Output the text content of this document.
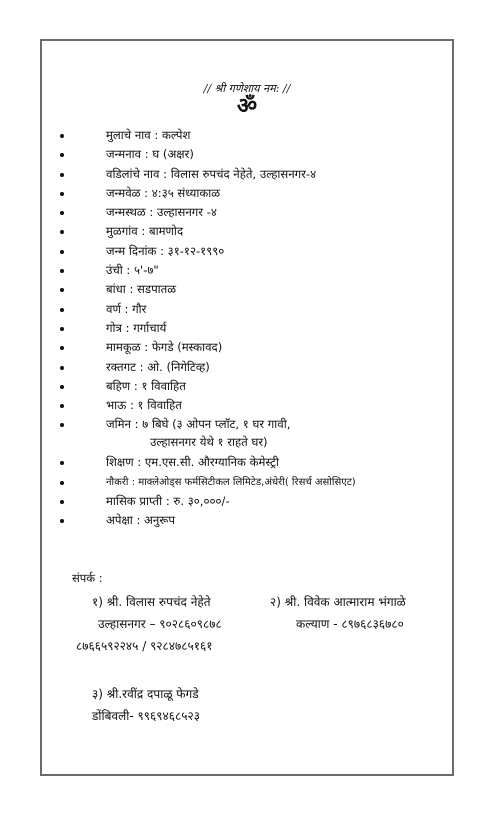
// श्री गणेशाय नम: //
ॐ
मुलाचे नाव : कल्पेश
जन्मनाव : घ (अक्षर)
वडिलांचे नाव : विलास रुपचंद नेहेते, उल्हासनगर-४
जन्मवेळ : ४:३५ संध्याकाळ
जन्मस्थळ : उल्हासनगर -४
मुळगांव : बामणोद
जन्म दिनांक : ३१-१२-१९९०
उंची : ५'-७"
बांधा : सडपातळ
वर्ण : गौर
गोत्र : गर्गाचार्य
मामकूळ : फेगडे (मस्कावद)
रक्तगट : ओ. (निगेटिव्ह)
बहिण : १ विवाहित
भाऊ : १ विवाहित
जमिन : ७ बिघे (३ ओपन प्लॉट, १ घर गावी,
उल्हासनगर येथे १ राहते घर)
शिक्षण : एम.एस.सी. औरग्यानिक केमेस्ट्री
नौकरी : माक्लेओड्स फर्मसिटीकल लिमिटेड,अंधेरी( रिसर्च असोसिएट)
मासिक प्राप्ती : रु. ३०,०००/-
अपेक्षा : अनुरूप
संपर्क :
१) श्री. विलास रुपचंद नेहेते	२) श्री. विवेक आत्माराम भंगाळे
उल्हासनगर – ९०२८६०९८७८	कल्याण - ८९७६८३६७८०
८७६६५९२२४५ / ९२८४७८५१६१
३) श्री.रवींद्र दपाळू फेगडे
डोंबिवली- ९९६९४६८५२३
